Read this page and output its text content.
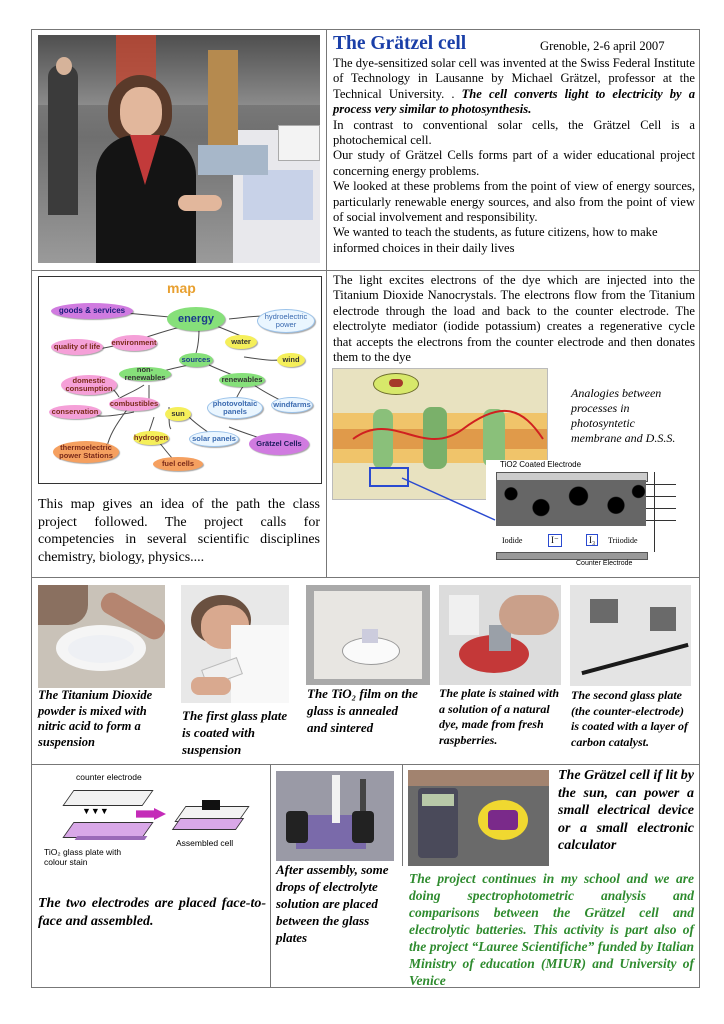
The Grätzel cell	Grenoble, 2-6 april 2007

The dye-sensitized solar cell was invented at the Swiss Federal Institute of Technology in Lausanne by Michael Grätzel, professor at the Technical University. . The cell converts light to electricity by a process very similar to photosynthesis.

In contrast to conventional solar cells, the Grätzel Cell is a photochemical cell.

Our study of Grätzel Cells forms part of a wider educational project concerning energy problems.

We looked at these problems from the point of view of energy sources, particularly renewable energy sources, and also from the point of view of social involvement and responsibility.

We wanted to teach the students, as future citizens, how to make informed choices in their daily lives

map
goods & services
energy	hydroelectric power
quality of life	environment	water
sources	wind
non-renewables	renewables
domestic consumption
combustibles	photovoltaic panels
windfarms
conservation	sun
hydrogen	solar panels
Grätzel Cells
thermoelectric power Stations
fuel cells
This map gives an idea of the path the class project followed. The project calls for competencies in several scientific disciplines chemistry, biology, physics....
The light excites electrons of the dye which are injected into the Titanium Dioxide Nanocrystals. The electrons flow from the Titanium electrode through the load and back to the counter electrode. The electrolyte mediator (iodide potassium) creates a regenerative cycle that accepts the electrons from the counter electrode and then donates them to the dye
Analogies between processes in photosyntetic membrane and D.S.S.
TiO2 Coated Electrode
Iodide	I⁻	I₃	Triiodide
Counter Electrode
The Titanium Dioxide powder is mixed with nitric acid to form a suspension
The first glass plate is coated with suspension
The TiO₂ film on the glass is annealed and sintered
The plate is stained with a solution of a natural dye, made from fresh raspberries.
The second glass plate (the counter-electrode) is coated with a layer of carbon catalyst.
counter electrode
▼▼▼
TiO₂ glass plate with colour stain
Assembled cell
The two electrodes are placed face-to-face and assembled.
After assembly, some drops of electrolyte solution are placed between the glass plates
The Grätzel cell if lit by the sun, can power a small electrical device or a small electronic calculator
The project continues in my school and we are doing spectrophotometric analysis and comparisons between the Grätzel cell and electrolytic batteries. This activity is part also of the project “Lauree Scientifiche” funded by Italian Ministry of education (MIUR) and University of Venice
